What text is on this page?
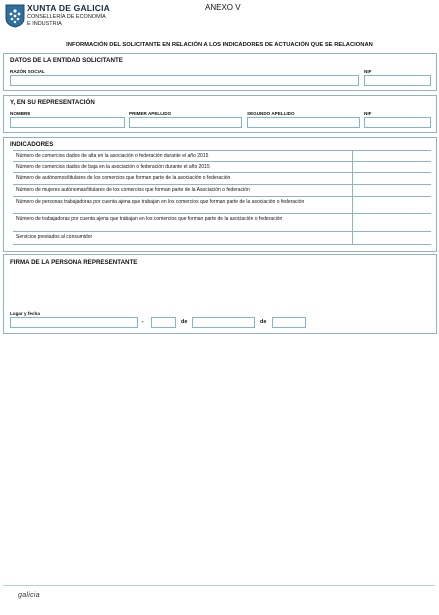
XUNTA DE GALICIA
CONSELLERÍA DE ECONOMÍA
E INDUSTRIA
ANEXO V
INFORMACIÓN DEL SOLICITANTE EN RELACIÓN A LOS INDICADORES DE ACTUACIÓN QUE SE RELACIONAN
DATOS DE LA ENTIDAD SOLICITANTE
RAZÓN SOCIAL	NIF
Y, EN SU REPRESENTACIÓN
NOMBRE	PRIMER APELLIDO	SEGUNDO APELLIDO	NIF
INDICADORES
Número de comercios dados de alta en la asociación o federación durante el año 2015
Número de comercios dados de baja en la asociación o federación durante el año 2015
Número de autónomos/titulares de los comercios que forman parte de la asociación o federación
Número de mujeres autónomas/titulares de los comercios que forman parte de la Asociación o federación
Número de personas trabajadoras por cuenta ajena que trabajan en los comercios que forman parte de la asociación o federación
Número de trabajadoras por cuenta ajena que trabajan en los comercios que forman parte de la asociación o federación
Servicios prestados al consumidor
FIRMA DE LA PERSONA REPRESENTANTE
Lugar y fecha
,	de	de
galicia
